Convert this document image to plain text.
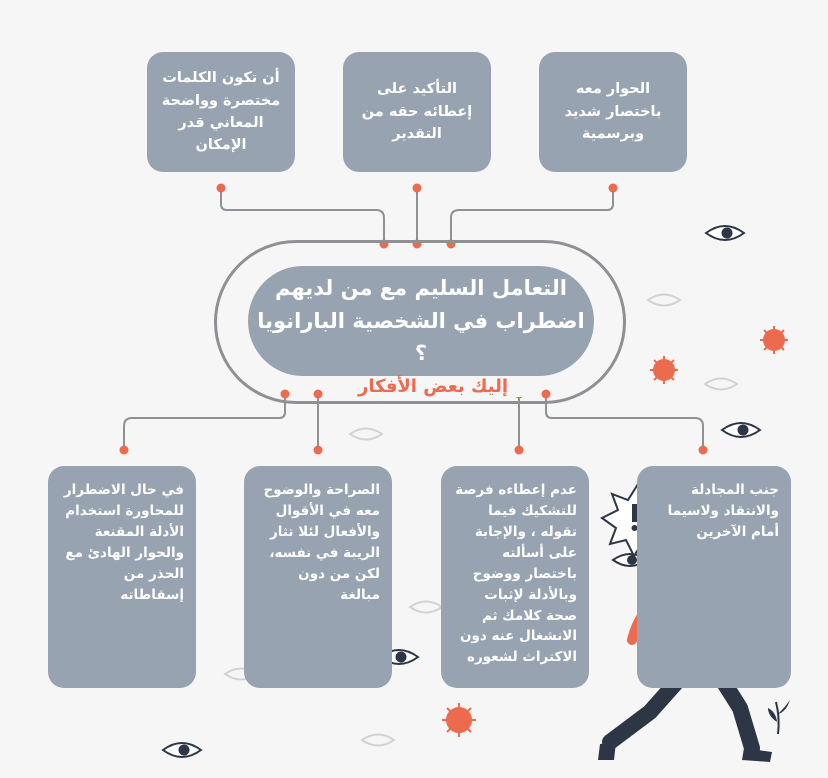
أن تكون الكلمات مختصرة وواضحة المعاني قدر الإمكان
التأكيد على إعطائه حقه من التقدير
الحوار معه باختصار شديد وبرسمية
التعامل السليم مع من لديهم اضطراب في الشخصية البارانويا ؟
إليك بعض الأفكار
في حال الاضطرار للمحاورة استخدام الأدلة المقنعة والحوار الهادئ مع الحذر من إسقاطاته
الصراحة والوضوح معه في الأقوال والأفعال لئلا تثار الريبة في نفسه، لكن من دون مبالغة
عدم إعطاءه فرصة للتشكيك فيما تقوله ، والإجابة على أسألته باختصار ووضوح وبالأدلة لإثبات صحة كلامك ثم الانشغال عنه دون الاكتراث لشعوره
جنب المجادلة والانتقاد ولاسيما أمام الآخرين
